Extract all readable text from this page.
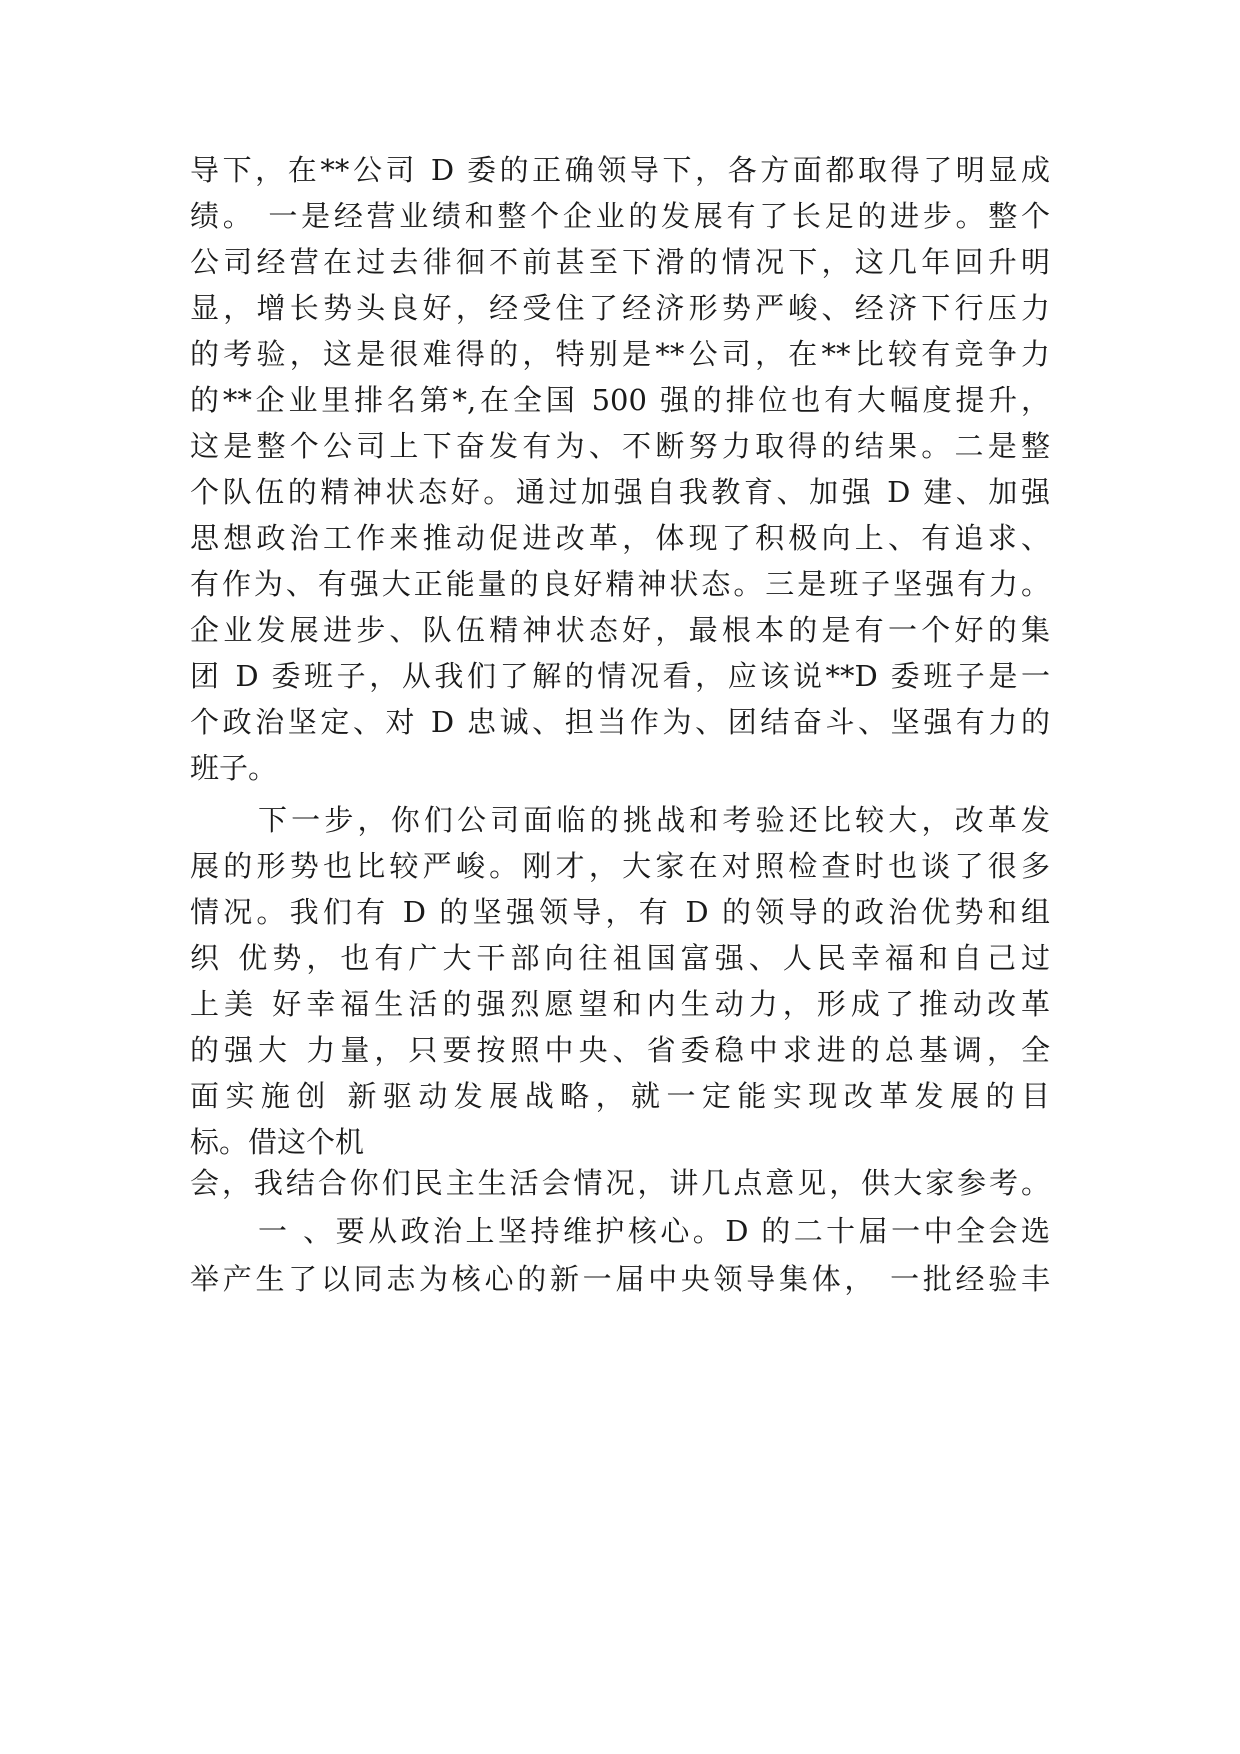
导下，在**公司 D 委的正确领导下，各方面都取得了明显成
绩。 一是经营业绩和整个企业的发展有了长足的进步。整个
公司经营在过去徘徊不前甚至下滑的情况下，这几年回升明
显，增长势头良好，经受住了经济形势严峻、经济下行压力
的考验，这是很难得的，特别是**公司，在**比较有竞争力
的**企业里排名第*,在全国 500 强的排位也有大幅度提升，
这是整个公司上下奋发有为、不断努力取得的结果。二是整
个队伍的精神状态好。通过加强自我教育、加强 D 建、加强
思想政治工作来推动促进改革，体现了积极向上、有追求、
有作为、有强大正能量的良好精神状态。三是班子坚强有力。
企业发展进步、队伍精神状态好，最根本的是有一个好的集
团 D 委班子，从我们了解的情况看，应该说**D 委班子是一
个政治坚定、对 D 忠诚、担当作为、团结奋斗、坚强有力的
班子。
下一步，你们公司面临的挑战和考验还比较大，改革发
展的形势也比较严峻。刚才，大家在对照检查时也谈了很多
情况。我们有 D 的坚强领导，有 D 的领导的政治优势和组
织 优势，也有广大干部向往祖国富强、人民幸福和自己过
上美 好幸福生活的强烈愿望和内生动力，形成了推动改革
的强大 力量，只要按照中央、省委稳中求进的总基调，全
面实施创 新驱动发展战略，就一定能实现改革发展的目
标。借这个机
会，我结合你们民主生活会情况，讲几点意见，供大家参考。
一 、要从政治上坚持维护核心。D 的二十届一中全会选
举产生了以同志为核心的新一届中央领导集体， 一批经验丰
